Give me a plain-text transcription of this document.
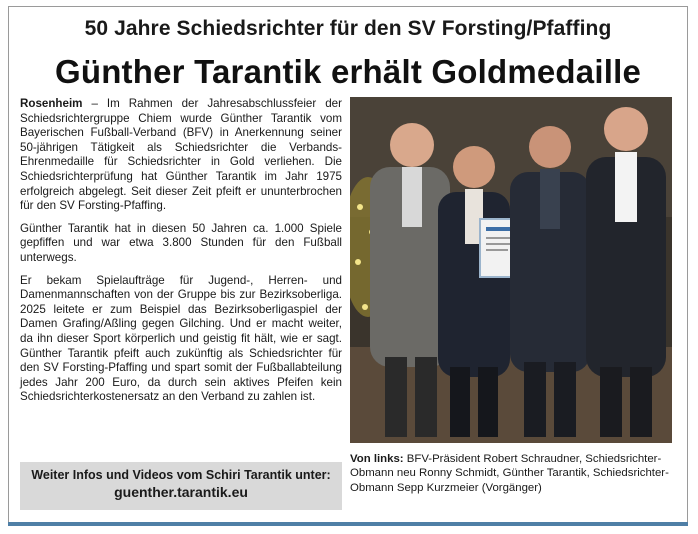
50 Jahre Schiedsrichter für den SV Forsting/Pfaffing
Günther Tarantik erhält Goldmedaille

Rosenheim – Im Rahmen der Jahresabschlussfeier der Schiedsrichtergruppe Chiem wurde Günther Tarantik vom Bayerischen Fußball-Verband (BFV) in Anerkennung seiner 50-jährigen Tätigkeit als Schiedsrichter die Verbands-Ehrenmedaille für Schiedsrichter in Gold verliehen. Die Schiedsrichterprüfung hat Günther Tarantik im Jahr 1975 erfolgreich abgelegt. Seit dieser Zeit pfeift er ununterbrochen für den SV Forsting-Pfaffing.

Günther Tarantik hat in diesen 50 Jahren ca. 1.000 Spiele gepfiffen und war etwa 3.800 Stunden für den Fußball unterwegs.

Er bekam Spielaufträge für Jugend-, Herren- und Damenmannschaften von der Gruppe bis zur Bezirksoberliga. 2025 leitete er zum Beispiel das Bezirksoberligaspiel der Damen Grafing/Aßling gegen Gilching. Und er macht weiter, da ihn dieser Sport körperlich und geistig fit hält, wie er sagt. Günther Tarantik pfeift auch zukünftig als Schiedsrichter für den SV Forsting-Pfaffing und spart somit der Fußballabteilung jedes Jahr 200 Euro, da durch sein aktives Pfeifen kein Schiedsrichterkostenersatz an den Verband zu zahlen ist.

Weiter Infos und Videos vom Schiri Tarantik unter:
guenther.tarantik.eu
Von links: BFV-Präsident Robert Schraudner, Schiedsrichter- Obmann neu Ronny Schmidt, Günther Tarantik, Schiedsrichter-Obmann Sepp Kurzmeier (Vorgänger)
